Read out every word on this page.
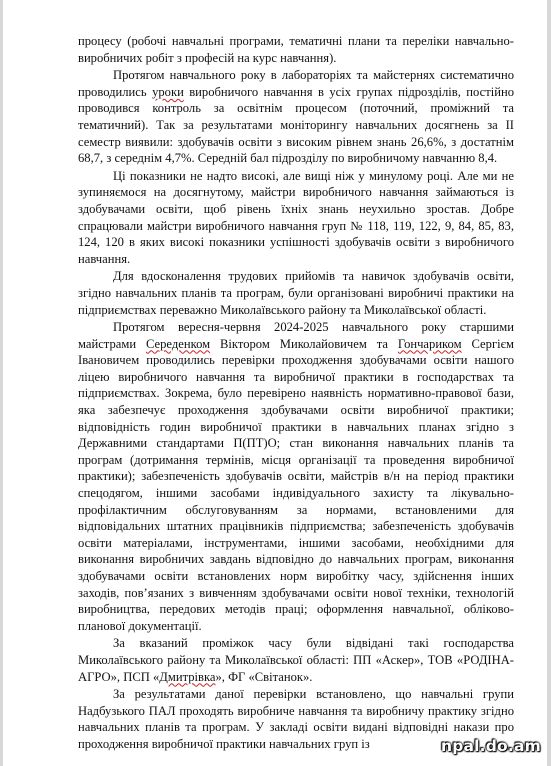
процесу (робочі навчальні програми, тематичні плани та переліки навчально-виробничих робіт з професій на курс навчання).

Протягом навчального року в лабораторіях та майстернях систематично проводились уроки виробничого навчання в усіх групах підрозділів, постійно проводився контроль за освітнім процесом (поточний, проміжний та тематичний). Так за результатами моніторингу навчальних досягнень за II семестр виявили: здобувачів освіти з високим рівнем знань 26,6%, з достатнім 68,7, з середнім 4,7%. Середній бал підрозділу по виробничому навчанню 8,4.

Ці показники не надто високі, але вищі ніж у минулому році. Але ми не зупиняємося на досягнутому, майстри виробничого навчання займаються із здобувачами освіти, щоб рівень їхніх знань неухильно зростав. Добре спрацювали майстри виробничого навчання груп № 118, 119, 122, 9, 84, 85, 83, 124, 120 в яких високі показники успішності здобувачів освіти з виробничого навчання.

Для вдосконалення трудових прийомів та навичок здобувачів освіти, згідно навчальних планів та програм, були організовані виробничі практики на підприємствах переважно Миколаївського району та Миколаївської області.

Протягом вересня-червня 2024-2025 навчального року старшими майстрами Середенком Віктором Миколайовичем та Гончариком Сергієм Івановичем проводились перевірки проходження здобувачами освіти нашого ліцею виробничого навчання та виробничої практики в господарствах та підприємствах. Зокрема, було перевірено наявність нормативно-правової бази, яка забезпечує проходження здобувачами освіти виробничої практики; відповідність годин виробничої практики в навчальних планах згідно з Державними стандартами П(ПТ)О; стан виконання навчальних планів та програм (дотримання термінів, місця організації та проведення виробничої практики); забезпеченість здобувачів освіти, майстрів в/н на період практики спецодягом, іншими засобами індивідуального захисту та лікувально-профілактичним обслуговуванням за нормами, встановленими для відповідальних штатних працівників підприємства; забезпеченість здобувачів освіти матеріалами, інструментами, іншими засобами, необхідними для виконання виробничих завдань відповідно до навчальних програм, виконання здобувачами освіти встановлених норм виробітку часу, здійснення інших заходів, пов’язаних з вивченням здобувачами освіти нової техніки, технологій виробництва, передових методів праці; оформлення навчальної, обліково-планової документації.

За вказаний проміжок часу були відвідані такі господарства Миколаївського району та Миколаївської області: ПП «Аскер», ТОВ «РОДІНА-АГРО», ПСП «Дмитрівка», ФГ «Світанок».

За результатами даної перевірки встановлено, що навчальні групи Надбузького ПАЛ проходять виробниче навчання та виробничу практику згідно навчальних планів та програм. У закладі освіти видані відповідні накази про проходження виробничої практики навчальних груп із	npal.do.am
